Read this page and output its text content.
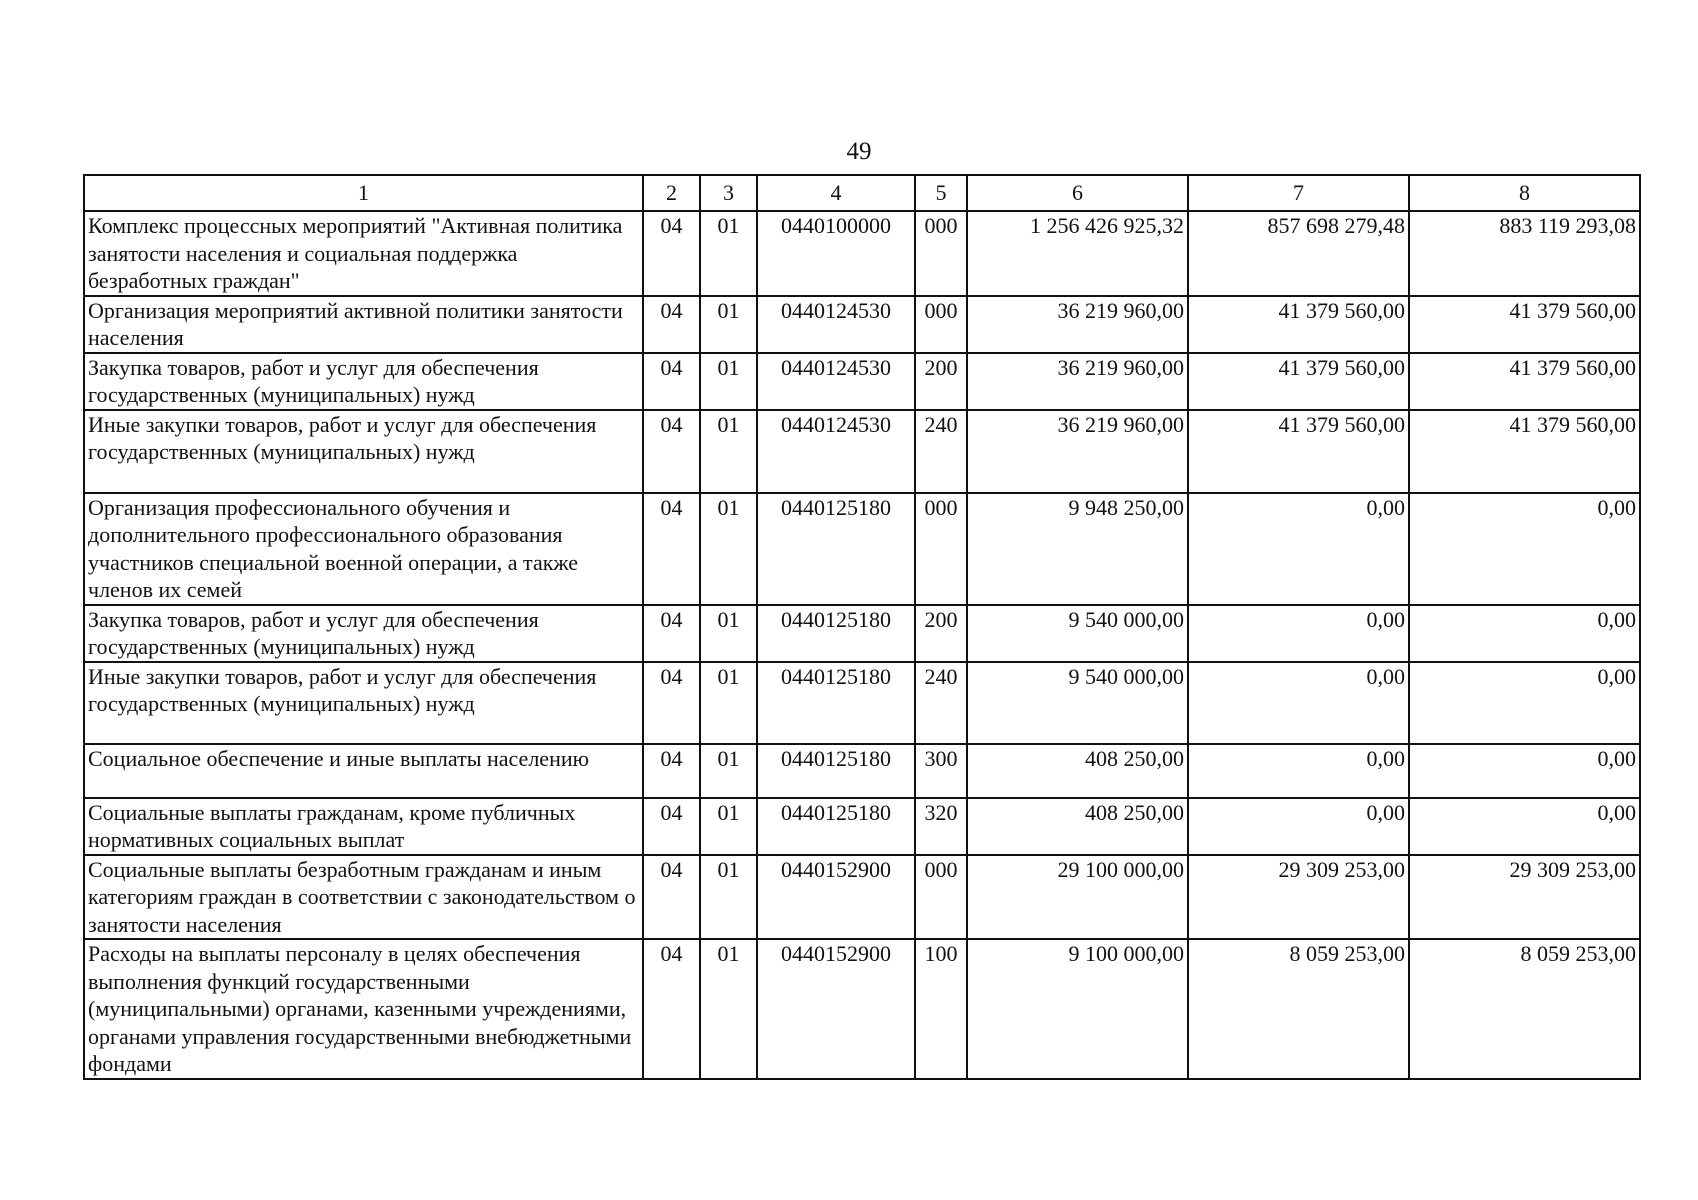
49
1	2	3	4	5	6	7	8
Комплекс процессных мероприятий "Активная политика занятости населения и социальная поддержка безработных граждан"	04	01	0440100000	000	1 256 426 925,32	857 698 279,48	883 119 293,08
Организация мероприятий активной политики занятости населения	04	01	0440124530	000	36 219 960,00	41 379 560,00	41 379 560,00
Закупка товаров, работ и услуг для обеспечения государственных (муниципальных) нужд	04	01	0440124530	200	36 219 960,00	41 379 560,00	41 379 560,00
Иные закупки товаров, работ и услуг для обеспечения государственных (муниципальных) нужд	04	01	0440124530	240	36 219 960,00	41 379 560,00	41 379 560,00
Организация профессионального обучения и дополнительного профессионального образования участников специальной военной операции, а также членов их семей	04	01	0440125180	000	9 948 250,00	0,00	0,00
Закупка товаров, работ и услуг для обеспечения государственных (муниципальных) нужд	04	01	0440125180	200	9 540 000,00	0,00	0,00
Иные закупки товаров, работ и услуг для обеспечения государственных (муниципальных) нужд	04	01	0440125180	240	9 540 000,00	0,00	0,00
Социальное обеспечение и иные выплаты населению	04	01	0440125180	300	408 250,00	0,00	0,00
Социальные выплаты гражданам, кроме публичных нормативных социальных выплат	04	01	0440125180	320	408 250,00	0,00	0,00
Социальные выплаты безработным гражданам и иным категориям граждан в соответствии с законодательством о занятости населения	04	01	0440152900	000	29 100 000,00	29 309 253,00	29 309 253,00
Расходы на выплаты персоналу в целях обеспечения выполнения функций государственными (муниципальными) органами, казенными учреждениями, органами управления государственными внебюджетными фондами	04	01	0440152900	100	9 100 000,00	8 059 253,00	8 059 253,00
